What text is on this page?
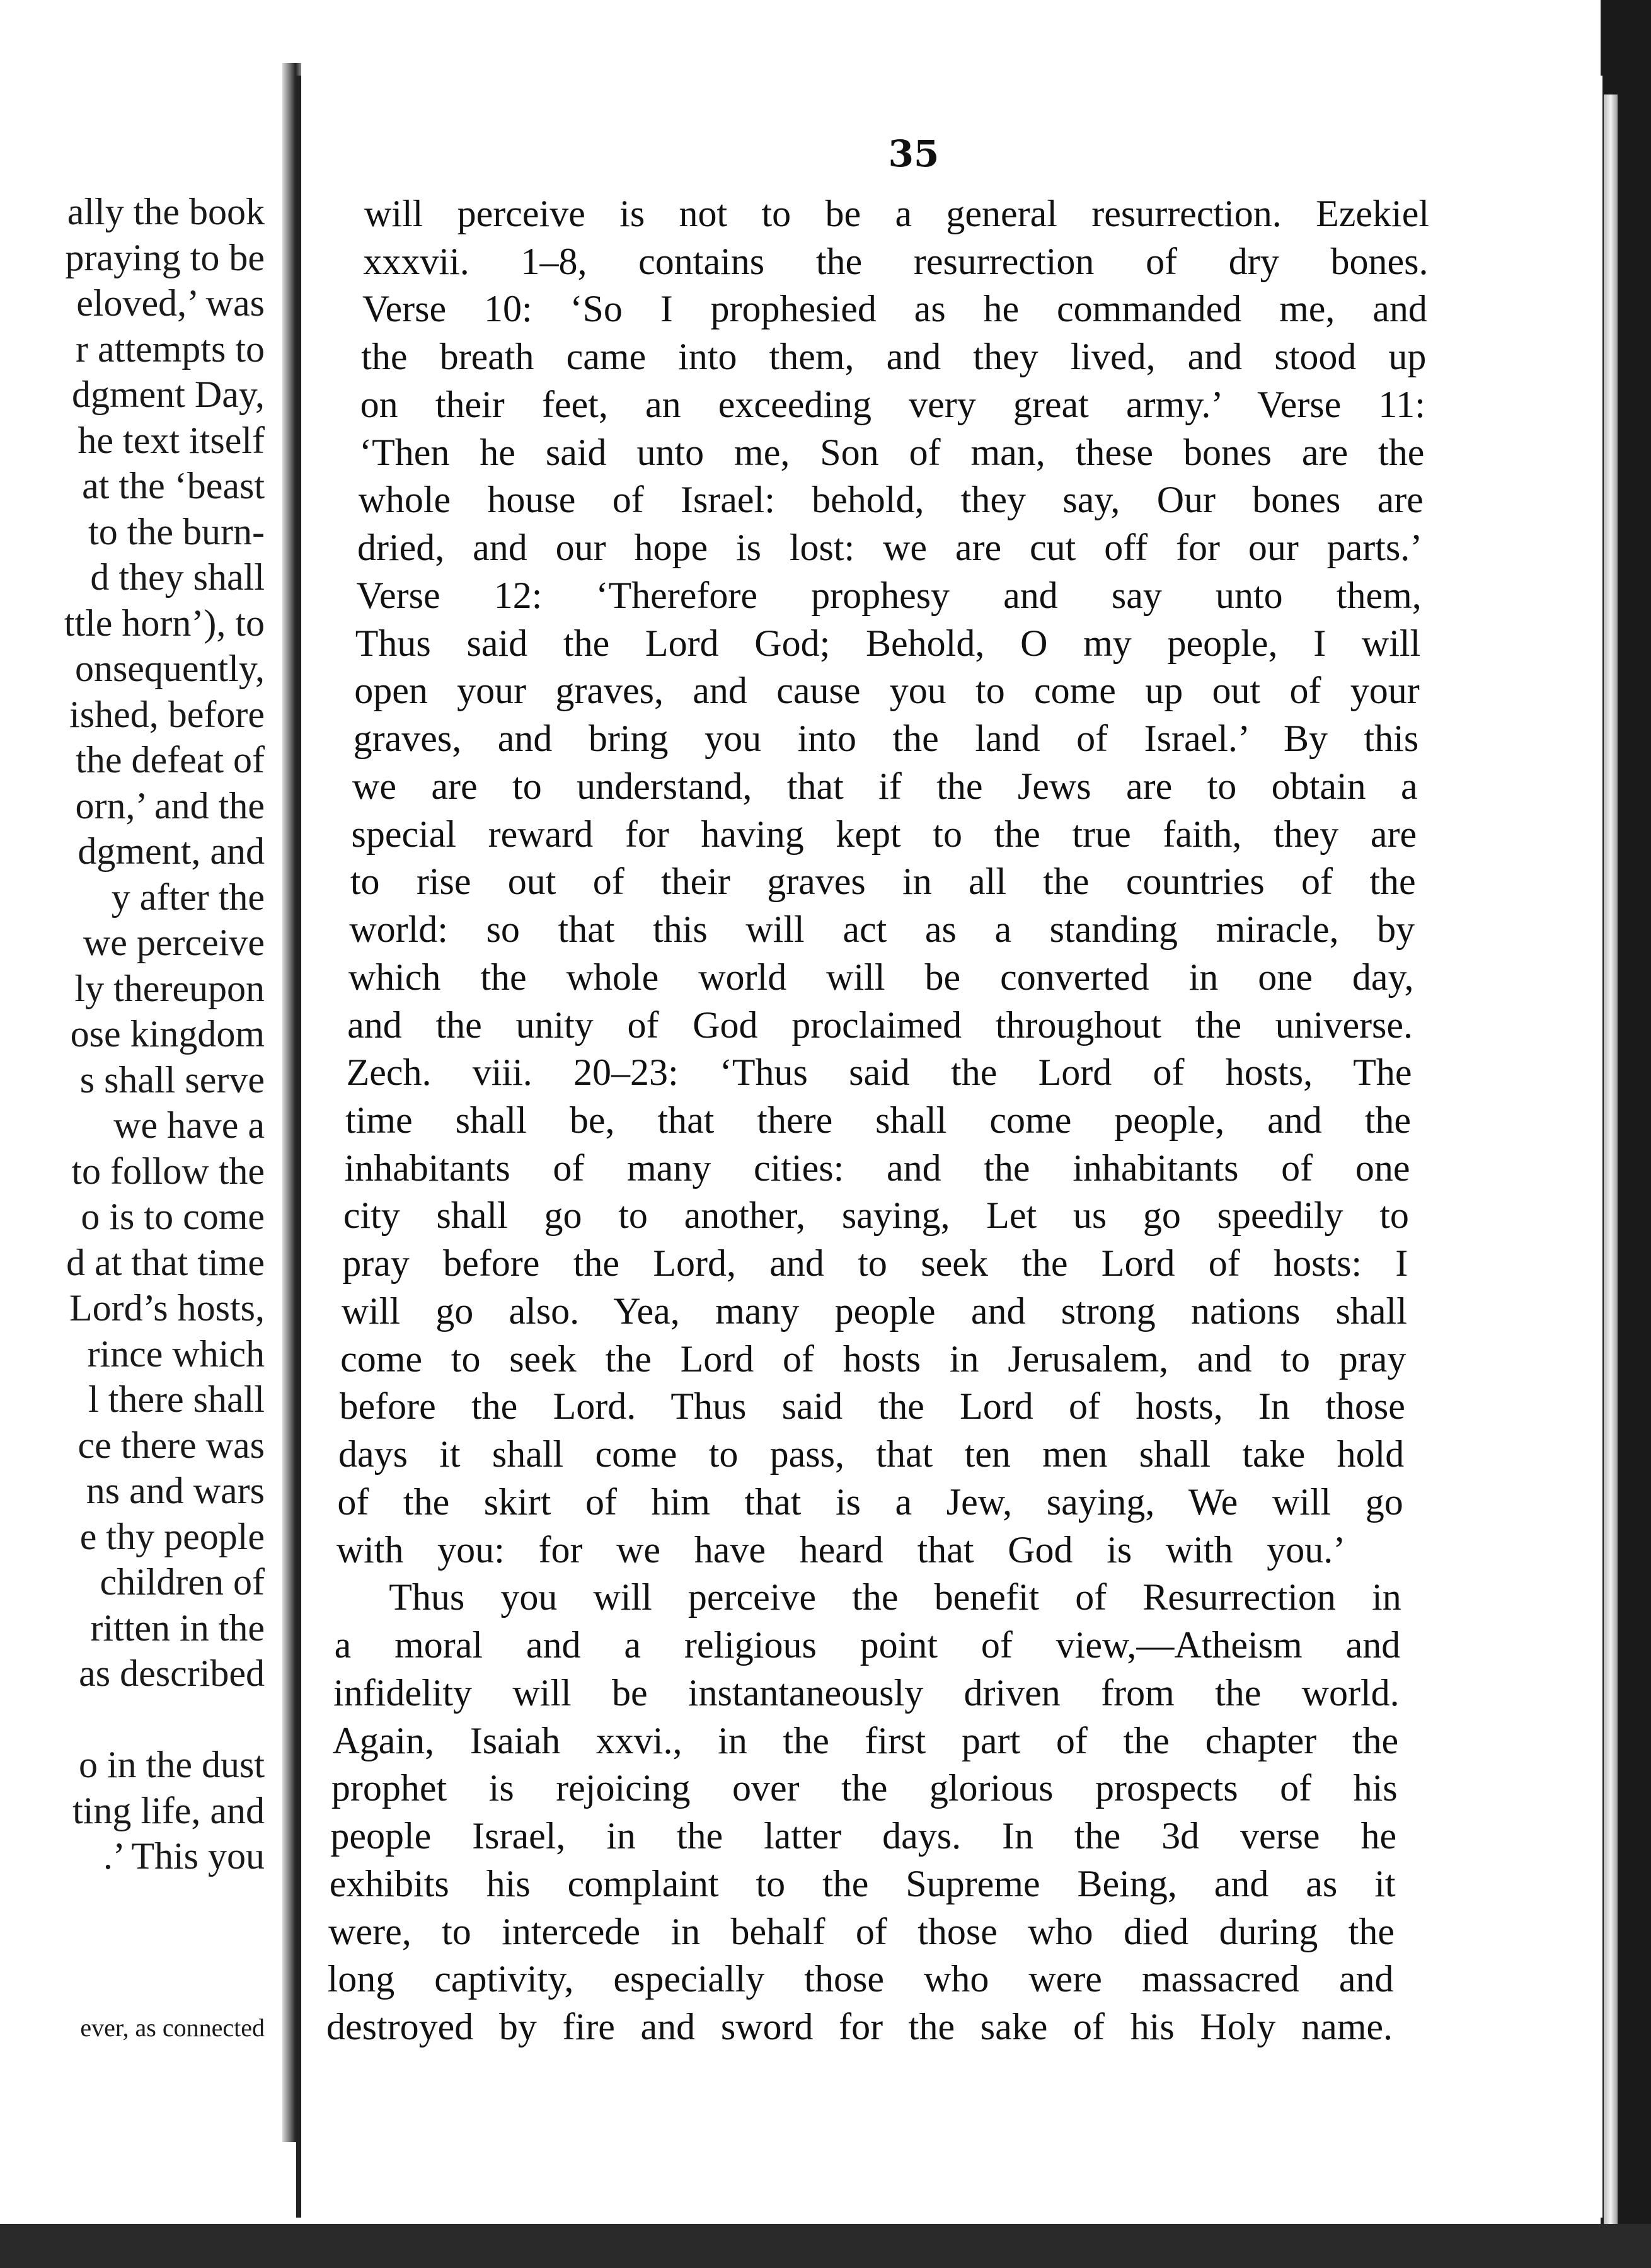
ally the book
praying to be
eloved,’ was
r attempts to
dgment Day,
he text itself
at the ‘beast
to the burn-
d they shall
ttle horn’), to
onsequently,
ished, before
the defeat of
orn,’ and the
dgment, and
y after the
we perceive
ly thereupon
ose kingdom
s shall serve
we have a
to follow the
o is to come
d at that time
Lord’s hosts,
rince which
l there shall
ce there was
ns and wars
e thy people
children of
ritten in the
as described
o in the dust
ting life, and
.’ This you
ever, as connected
35
will perceive is not to be a general resurrection. Ezekiel
xxxvii. 1–8, contains the resurrection of dry bones.
Verse 10: ‘So I prophesied as he commanded me, and
the breath came into them, and they lived, and stood up
on their feet, an exceeding very great army.’ Verse 11:
‘Then he said unto me, Son of man, these bones are the
whole house of Israel: behold, they say, Our bones are
dried, and our hope is lost: we are cut off for our parts.’
Verse 12: ‘Therefore prophesy and say unto them,
Thus said the Lord God; Behold, O my people, I will
open your graves, and cause you to come up out of your
graves, and bring you into the land of Israel.’ By this
we are to understand, that if the Jews are to obtain a
special reward for having kept to the true faith, they are
to rise out of their graves in all the countries of the
world: so that this will act as a standing miracle, by
which the whole world will be converted in one day,
and the unity of God proclaimed throughout the universe.
Zech. viii. 20–23: ‘Thus said the Lord of hosts, The
time shall be, that there shall come people, and the
inhabitants of many cities: and the inhabitants of one
city shall go to another, saying, Let us go speedily to
pray before the Lord, and to seek the Lord of hosts: I
will go also. Yea, many people and strong nations shall
come to seek the Lord of hosts in Jerusalem, and to pray
before the Lord. Thus said the Lord of hosts, In those
days it shall come to pass, that ten men shall take hold
of the skirt of him that is a Jew, saying, We will go
with you: for we have heard that God is with you.’
Thus you will perceive the benefit of Resurrection in
a moral and a religious point of view,—Atheism and
infidelity will be instantaneously driven from the world.
Again, Isaiah xxvi., in the first part of the chapter the
prophet is rejoicing over the glorious prospects of his
people Israel, in the latter days. In the 3d verse he
exhibits his complaint to the Supreme Being, and as it
were, to intercede in behalf of those who died during the
long captivity, especially those who were massacred and
destroyed by fire and sword for the sake of his Holy name.
